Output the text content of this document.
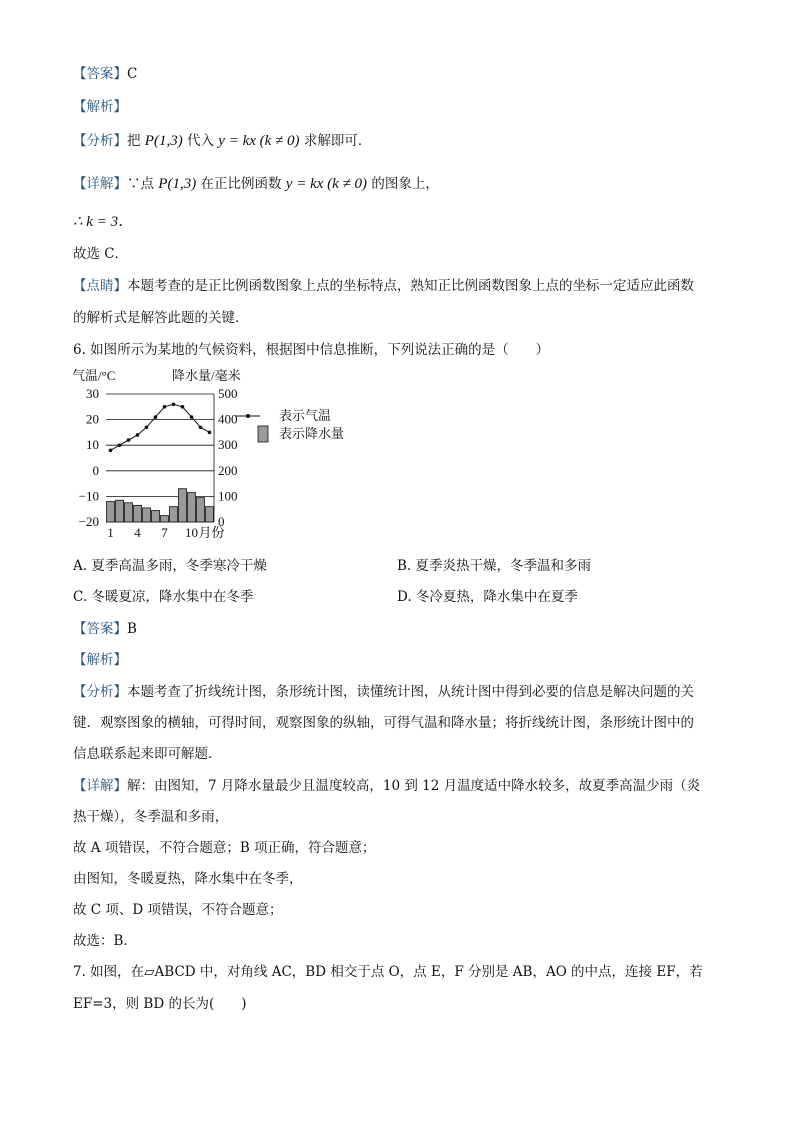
【答案】C
【解析】
【分析】把 P(1,3) 代入 y = kx (k ≠ 0) 求解即可．
【详解】∵点 P(1,3) 在正比例函数 y = kx (k ≠ 0) 的图象上，
∴ k = 3．
故选 C．
【点睛】本题考查的是正比例函数图象上点的坐标特点，熟知正比例函数图象上点的坐标一定适应此函数
的解析式是解答此题的关键．
6. 如图所示为某地的气候资料，根据图中信息推断，下列说法正确的是（　　）
气温/°C	降水量/毫米
30
20
10
0
−10
−20
500
400
300
200
100
0
1 4 7 10 月份
表示气温
表示降水量
A. 夏季高温多雨，冬季寒冷干燥	B. 夏季炎热干燥，冬季温和多雨
C. 冬暖夏凉，降水集中在冬季	D. 冬冷夏热，降水集中在夏季
【答案】B
【解析】
【分析】本题考查了折线统计图，条形统计图，读懂统计图，从统计图中得到必要的信息是解决问题的关
键．观察图象的横轴，可得时间，观察图象的纵轴，可得气温和降水量；将折线统计图，条形统计图中的
信息联系起来即可解题．
【详解】解：由图知，7 月降水量最少且温度较高，10 到 12 月温度适中降水较多，故夏季高温少雨（炎
热干燥），冬季温和多雨，
故 A 项错误，不符合题意；B 项正确，符合题意；
由图知，冬暖夏热，降水集中在冬季，
故 C 项、D 项错误，不符合题意；
故选：B．
7. 如图，在▱ABCD 中，对角线 AC，BD 相交于点 O，点 E，F 分别是 AB，AO 的中点，连接 EF，若
EF=3，则 BD 的长为(　　)
